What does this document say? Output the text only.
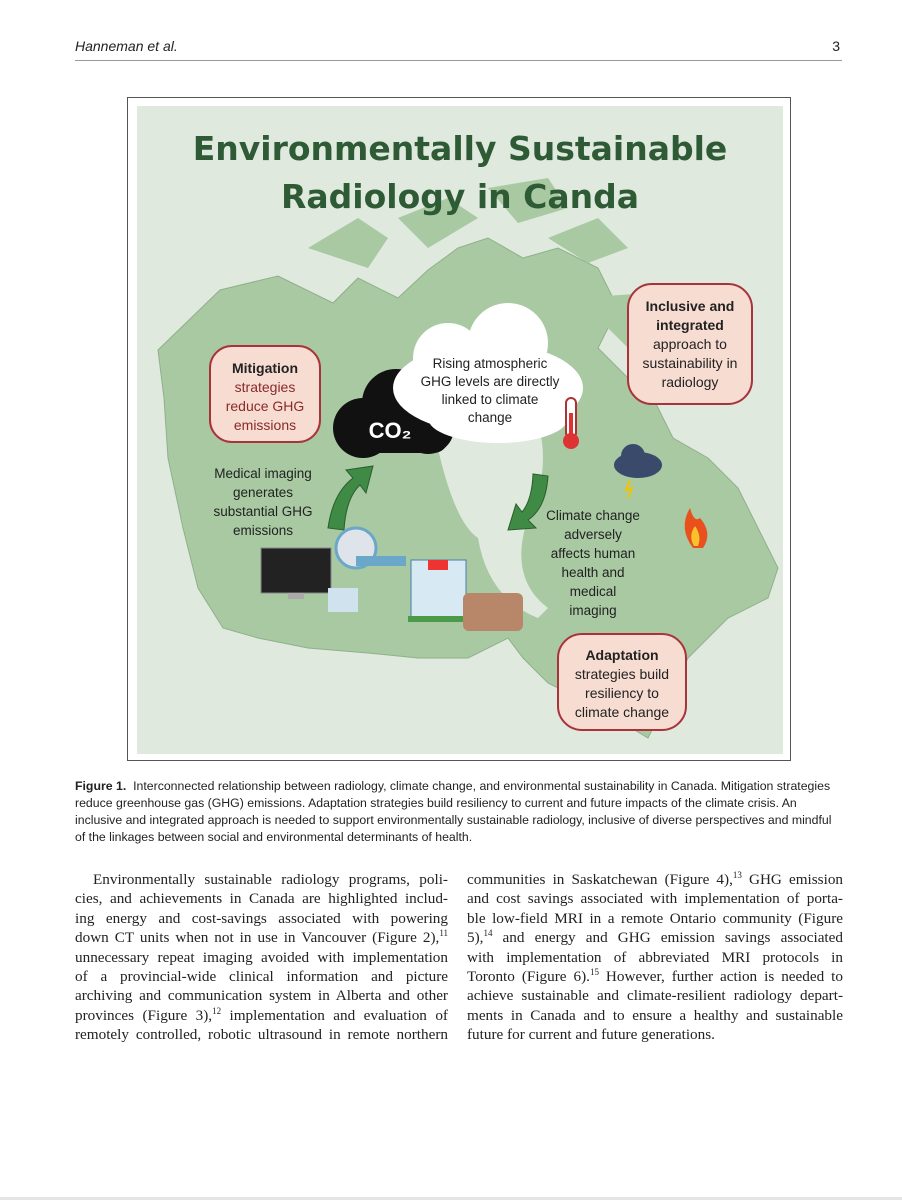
Hanneman et al.	3
Environmentally Sustainable
Radiology in Canda
Mitigation
strategies
reduce GHG
emissions
Inclusive and
integrated
approach to
sustainability in
radiology
Adaptation
strategies build
resiliency to
climate change
CO₂
Rising atmospheric
GHG levels are directly
linked to climate
change
Medical imaging
generates
substantial GHG
emissions
Climate change
adversely
affects human
health and
medical
imaging
Figure 1. Interconnected relationship between radiology, climate change, and environmental sustainability in Canada. Mitigation strategies reduce greenhouse gas (GHG) emissions. Adaptation strategies build resiliency to current and future impacts of the climate crisis. An inclusive and integrated approach is needed to support environmentally sustainable radiology, inclusive of diverse perspectives and mindful of the linkages between social and environmental determinants of health.
Environmentally sustainable radiology programs, poli-
cies, and achievements in Canada are highlighted includ-
ing energy and cost-savings associated with powering
down CT units when not in use in Vancouver (Figure 2),$^{11}$
unnecessary repeat imaging avoided with implementation
of a provincial-wide clinical information and picture
archiving and communication system in Alberta and other
provinces (Figure 3),$^{12}$ implementation and evaluation of
remotely controlled, robotic ultrasound in remote northern
communities in Saskatchewan (Figure 4),$^{13}$ GHG emission
and cost savings associated with implementation of porta-
ble low-field MRI in a remote Ontario community (Figure
5),$^{14}$ and energy and GHG emission savings associated
with implementation of abbreviated MRI protocols in
Toronto (Figure 6).$^{15}$ However, further action is needed to
achieve sustainable and climate-resilient radiology depart-
ments in Canada and to ensure a healthy and sustainable
future for current and future generations.
